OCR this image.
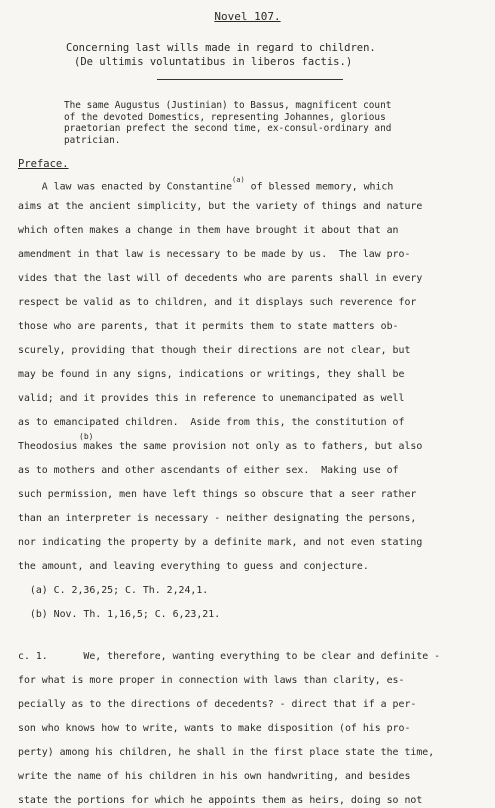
Novel 107.
Concerning last wills made in regard to children.
(De ultimis voluntatibus in liberos factis.)
The same Augustus (Justinian) to Bassus, magnificent count
of the devoted Domestics, representing Johannes, glorious
praetorian prefect the second time, ex-consul-ordinary and
patrician.
Preface.
A law was enacted by Constantine$^{(a)}$ of blessed memory, which
aims at the ancient simplicity, but the variety of things and nature
which often makes a change in them have brought it about that an
amendment in that law is necessary to be made by us.  The law pro-
vides that the last will of decedents who are parents shall in every
respect be valid as to children, and it displays such reverence for
those who are parents, that it permits them to state matters ob-
scurely, providing that though their directions are not clear, but
may be found in any signs, indications or writings, they shall be
valid; and it provides this in reference to unemancipated as well
as to emancipated children.  Aside from this, the constitution of
Theodosius makes the same provision not only as to fathers, but also
as to mothers and other ascendants of either sex.  Making use of
such permission, men have left things so obscure that a seer rather
than an interpreter is necessary - neither designating the persons,
nor indicating the property by a definite mark, and not even stating
the amount, and leaving everything to guess and conjecture.
(a) C. 2,36,25; C. Th. 2,24,1.
(b) Nov. Th. 1,16,5; C. 6,23,21.
c. 1.      We, therefore, wanting everything to be clear and definite -
for what is more proper in connection with laws than clarity, es-
pecially as to the directions of decedents? - direct that if a per-
son who knows how to write, wants to make disposition (of his pro-
perty) among his children, he shall in the first place state the time,
write the name of his children in his own handwriting, and besides
state the portions for which he appoints them as heirs, doing so not
(b)
